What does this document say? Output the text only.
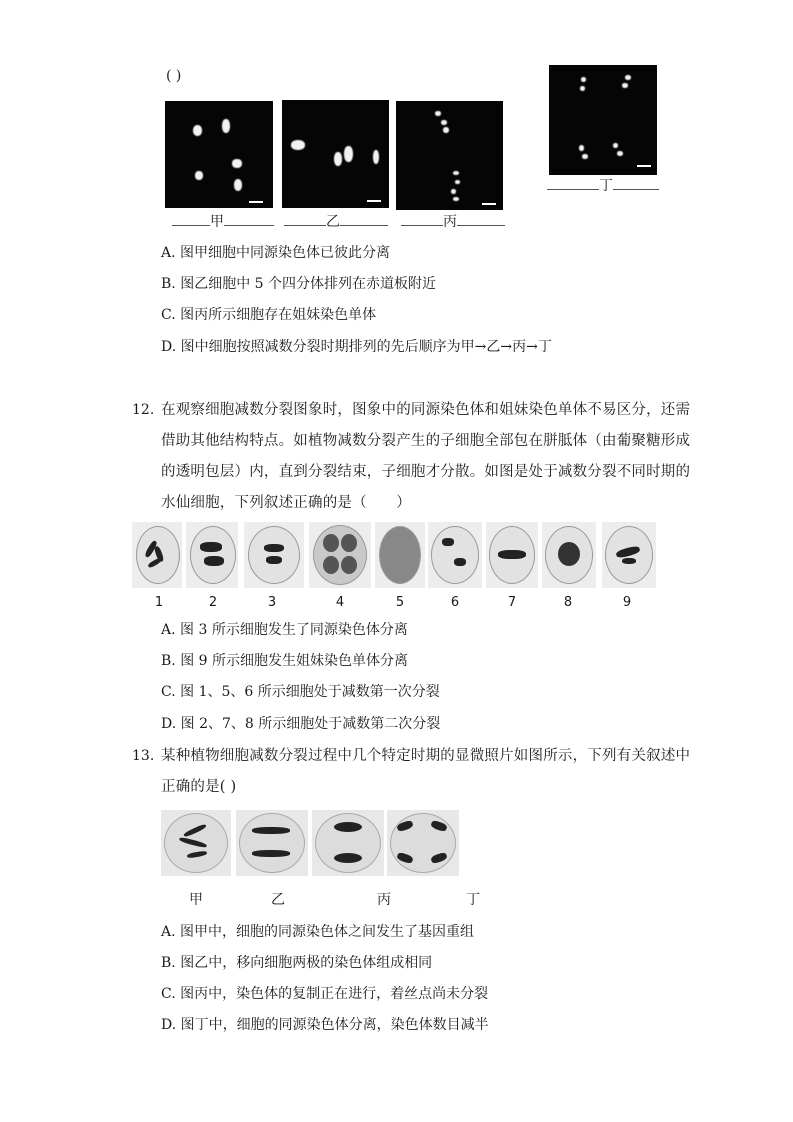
( )
甲	乙	丙
丁
A. 图甲细胞中同源染色体已彼此分离
B. 图乙细胞中 5 个四分体排列在赤道板附近
C. 图丙所示细胞存在姐妹染色单体
D. 图中细胞按照减数分裂时期排列的先后顺序为甲→乙→丙→丁
12. 在观察细胞减数分裂图象时，图象中的同源染色体和姐妹染色单体不易区分，还需
借助其他结构特点。如植物减数分裂产生的子细胞全部包在胼胝体（由葡聚糖形成
的透明包层）内，直到分裂结束，子细胞才分散。如图是处于减数分裂不同时期的
水仙细胞，下列叙述正确的是（　　）
1	2	3	4	5	6	7	8	9
A. 图 3 所示细胞发生了同源染色体分离
B. 图 9 所示细胞发生姐妹染色单体分离
C. 图 1、5、6 所示细胞处于减数第一次分裂
D. 图 2、7、8 所示细胞处于减数第二次分裂
13. 某种植物细胞减数分裂过程中几个特定时期的显微照片如图所示，下列有关叙述中
正确的是( )
甲	乙	丙	丁
A. 图甲中，细胞的同源染色体之间发生了基因重组
B. 图乙中，移向细胞两极的染色体组成相同
C. 图丙中，染色体的复制正在进行，着丝点尚未分裂
D. 图丁中，细胞的同源染色体分离，染色体数目减半
